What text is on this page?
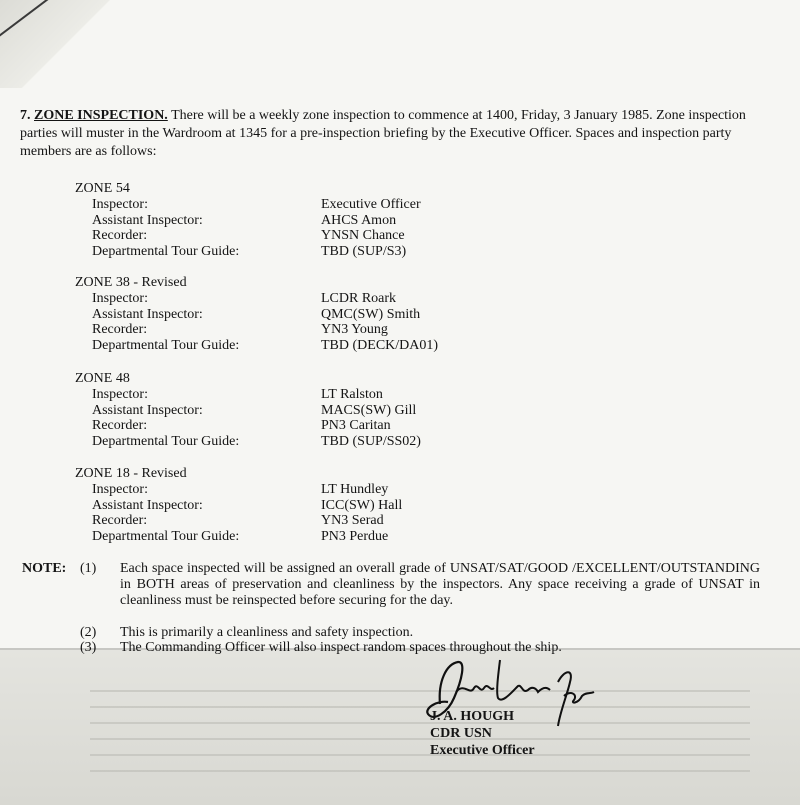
7. ZONE INSPECTION. There will be a weekly zone inspection to commence at 1400, Friday, 3 January 1985. Zone inspection parties will muster in the Wardroom at 1345 for a pre-inspection briefing by the Executive Officer. Spaces and inspection party members are as follows:
ZONE 54
Inspector:	Executive Officer
Assistant Inspector:	AHCS Amon
Recorder:	YNSN Chance
Departmental Tour Guide:	TBD (SUP/S3)
ZONE 38 - Revised
Inspector:	LCDR Roark
Assistant Inspector:	QMC(SW) Smith
Recorder:	YN3 Young
Departmental Tour Guide:	TBD (DECK/DA01)
ZONE 48
Inspector:	LT Ralston
Assistant Inspector:	MACS(SW) Gill
Recorder:	PN3 Caritan
Departmental Tour Guide:	TBD (SUP/SS02)
ZONE 18 - Revised
Inspector:	LT Hundley
Assistant Inspector:	ICC(SW) Hall
Recorder:	YN3 Serad
Departmental Tour Guide:	PN3 Perdue
NOTE: (1) Each space inspected will be assigned an overall grade of UNSAT/SAT/GOOD /EXCELLENT/OUTSTANDING in BOTH areas of preservation and cleanliness by the inspectors. Any space receiving a grade of UNSAT in cleanliness must be reinspected before securing for the day.
(2) This is primarily a cleanliness and safety inspection.
(3) The Commanding Officer will also inspect random spaces throughout the ship.
J. A. HOUGH
CDR USN
Executive Officer
